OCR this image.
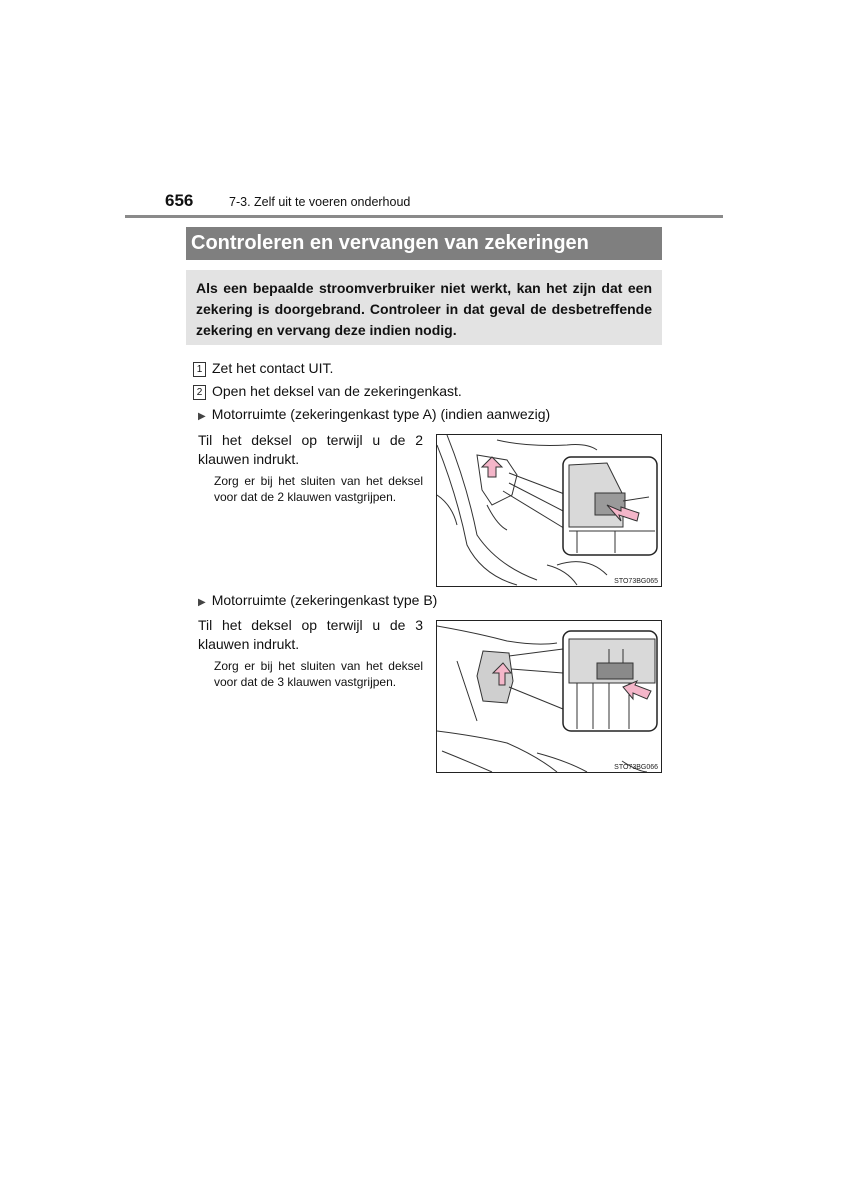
656	7-3. Zelf uit te voeren onderhoud
Controleren en vervangen van zekeringen
Als een bepaalde stroomverbruiker niet werkt, kan het zijn dat een zekering is doorgebrand. Controleer in dat geval de desbetreffende zekering en vervang deze indien nodig.
1 Zet het contact UIT.
2 Open het deksel van de zekeringenkast.
▶ Motorruimte (zekeringenkast type A) (indien aanwezig)
Til het deksel op terwijl u de 2 klauwen indrukt.
Zorg er bij het sluiten van het deksel voor dat de 2 klauwen vastgrijpen.
STO73BG065
▶ Motorruimte (zekeringenkast type B)
Til het deksel op terwijl u de 3 klauwen indrukt.
Zorg er bij het sluiten van het deksel voor dat de 3 klauwen vastgrijpen.
STO73BG066
